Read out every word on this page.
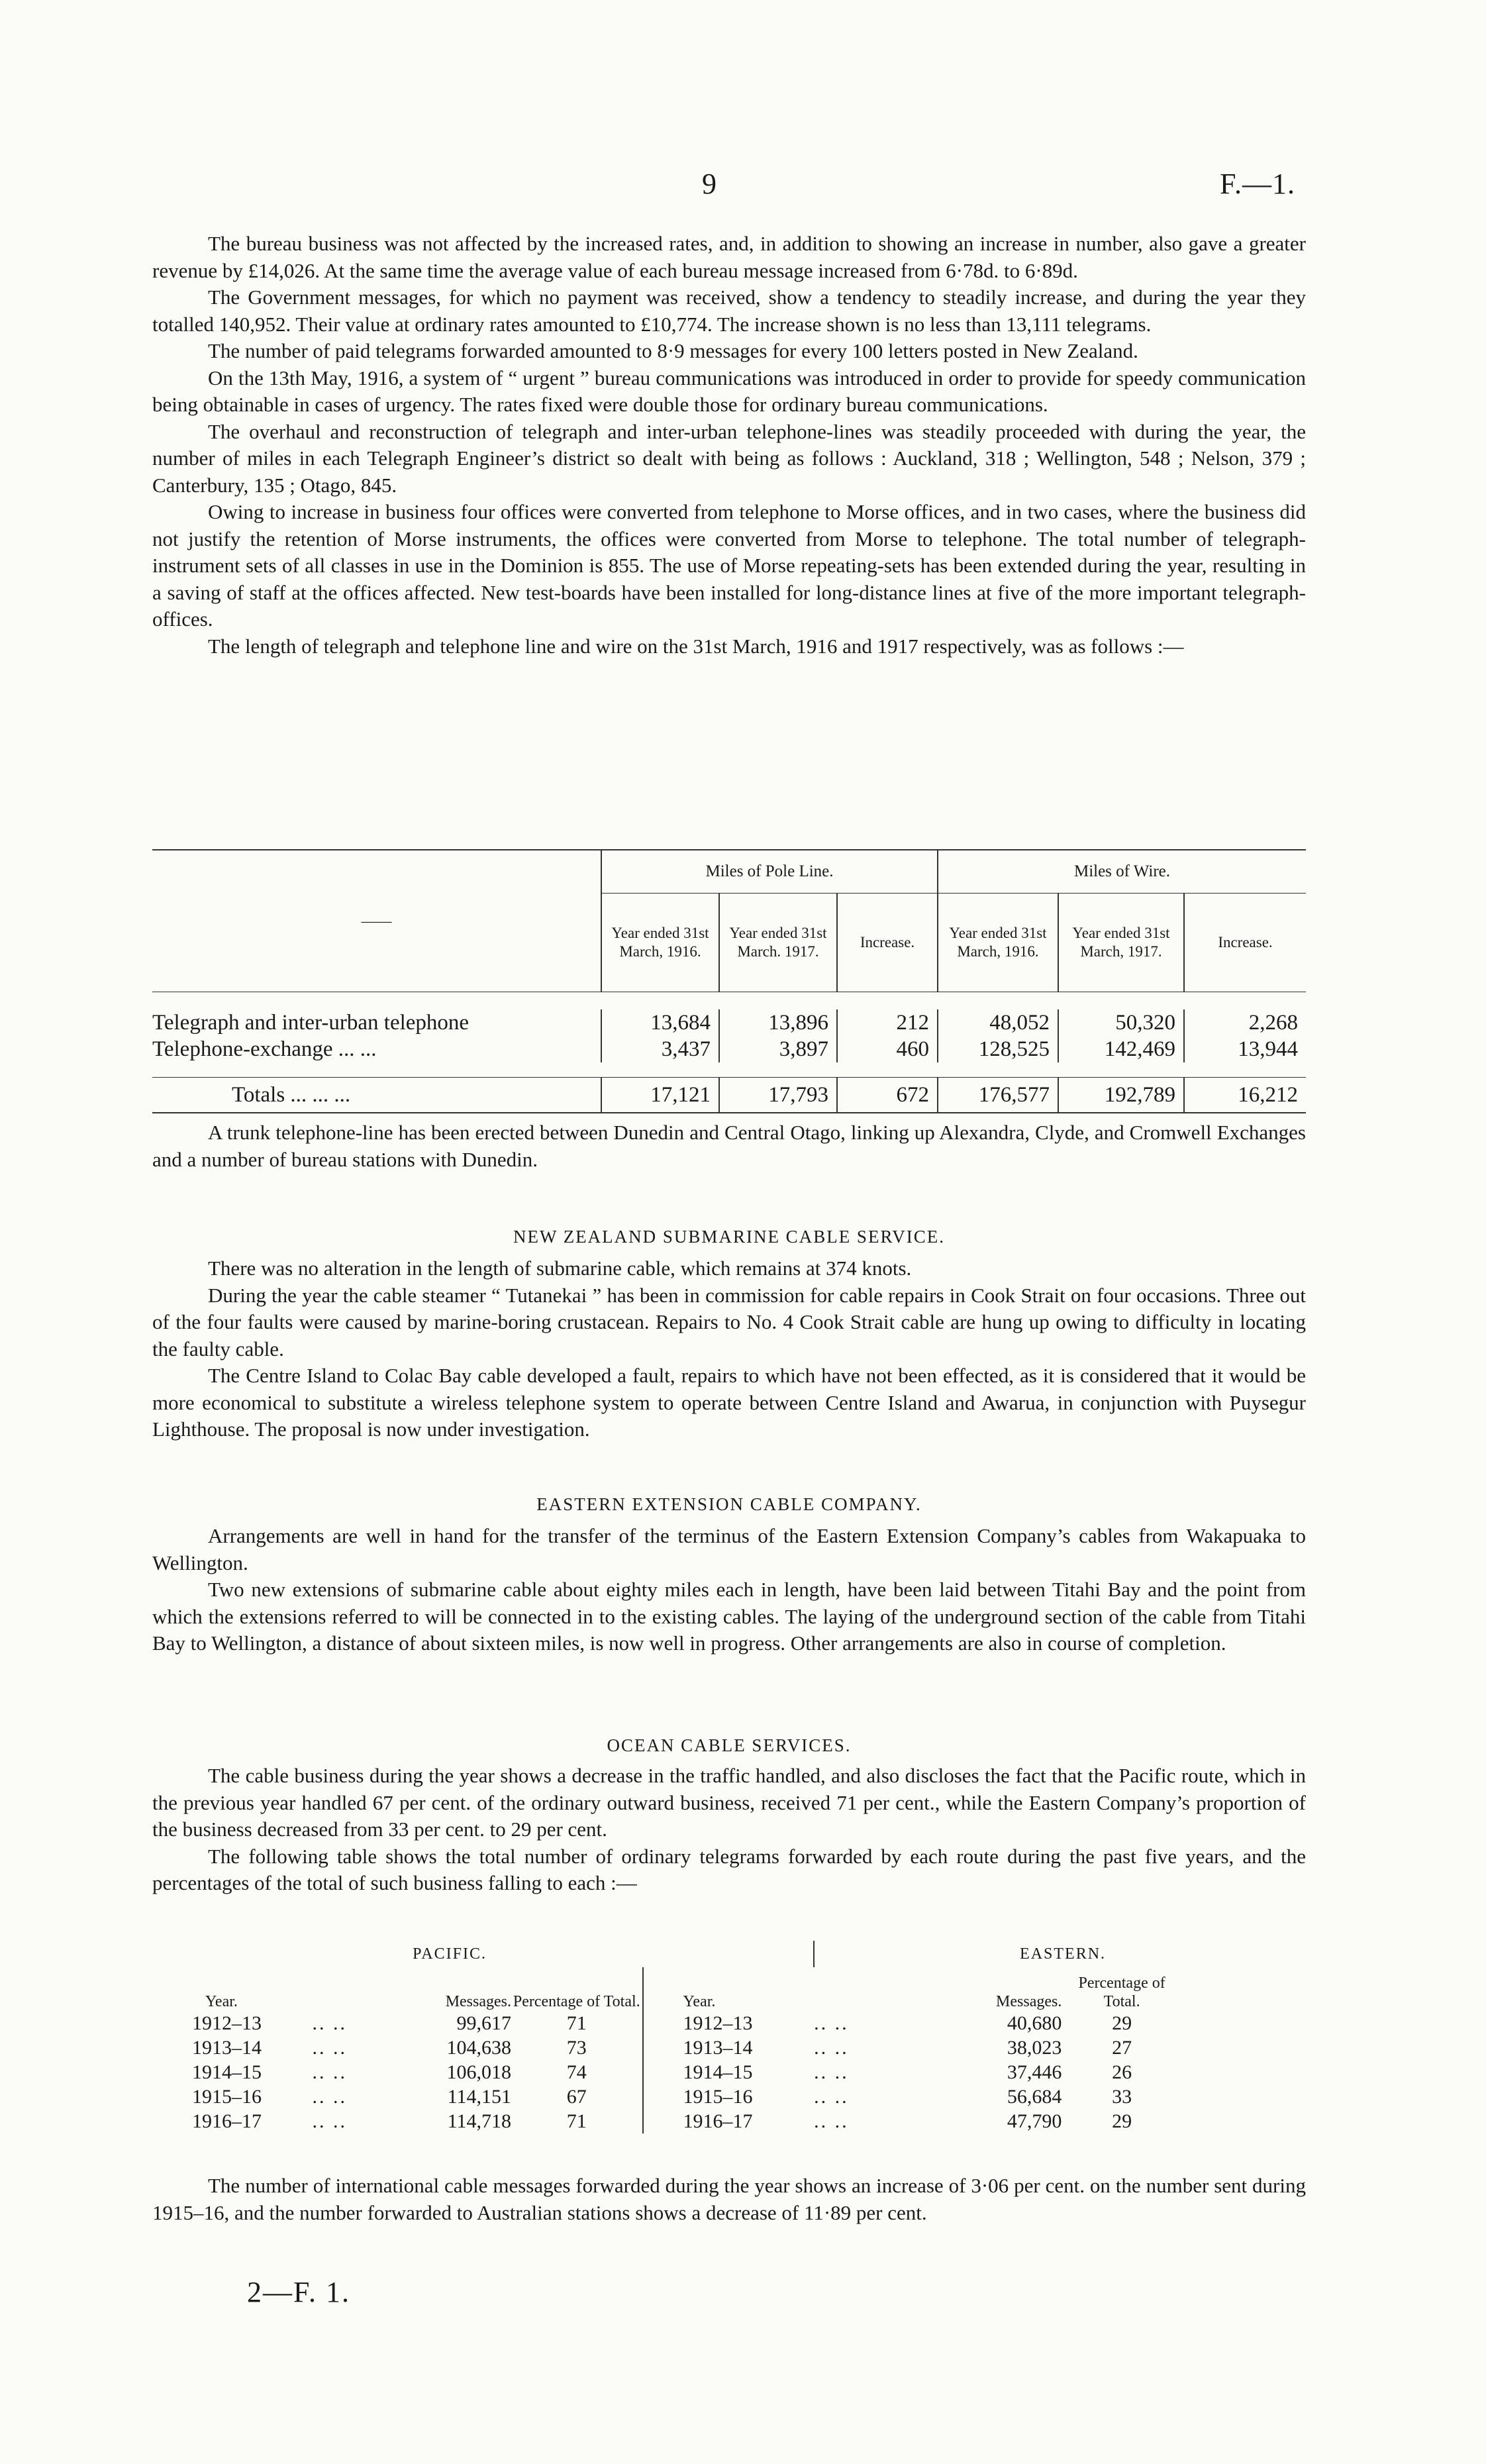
9	F.—1.

The bureau business was not affected by the increased rates, and, in addition to showing an increase in number, also gave a greater revenue by £14,026. At the same time the average value of each bureau message increased from 6·78d. to 6·89d.

The Government messages, for which no payment was received, show a tendency to steadily increase, and during the year they totalled 140,952. Their value at ordinary rates amounted to £10,774. The increase shown is no less than 13,111 telegrams.

The number of paid telegrams forwarded amounted to 8·9 messages for every 100 letters posted in New Zealand.

On the 13th May, 1916, a system of “ urgent ” bureau communications was introduced in order to provide for speedy communication being obtainable in cases of urgency. The rates fixed were double those for ordinary bureau communications.

The overhaul and reconstruction of telegraph and inter-urban telephone-lines was steadily proceeded with during the year, the number of miles in each Telegraph Engineer’s district so dealt with being as follows : Auckland, 318 ; Wellington, 548 ; Nelson, 379 ; Canterbury, 135 ; Otago, 845.

Owing to increase in business four offices were converted from telephone to Morse offices, and in two cases, where the business did not justify the retention of Morse instruments, the offices were converted from Morse to telephone. The total number of telegraph-instrument sets of all classes in use in the Dominion is 855. The use of Morse repeating-sets has been extended during the year, resulting in a saving of staff at the offices affected. New test-boards have been installed for long-distance lines at five of the more important telegraph-offices.

The length of telegraph and telephone line and wire on the 31st March, 1916 and 1917 respectively, was as follows :—

——	Miles of Pole Line.			Miles of Wire.		
	Year ended 31st March, 1916.	Year ended 31st March. 1917.	Increase.	Year ended 31st March, 1916.	Year ended 31st March, 1917.	Increase.

Telegraph and inter-urban telephone	13,684	13,896	212	48,052	50,320	2,268
Telephone-exchange ... ...	3,437	3,897	460	128,525	142,469	13,944

Totals ... ... ...	17,121	17,793	672	176,577	192,789	16,212

A trunk telephone-line has been erected between Dunedin and Central Otago, linking up Alexandra, Clyde, and Cromwell Exchanges and a number of bureau stations with Dunedin.

NEW ZEALAND SUBMARINE CABLE SERVICE.

There was no alteration in the length of submarine cable, which remains at 374 knots.

During the year the cable steamer “ Tutanekai ” has been in commission for cable repairs in Cook Strait on four occasions. Three out of the four faults were caused by marine-boring crustacean. Repairs to No. 4 Cook Strait cable are hung up owing to difficulty in locating the faulty cable.

The Centre Island to Colac Bay cable developed a fault, repairs to which have not been effected, as it is considered that it would be more economical to substitute a wireless telephone system to operate between Centre Island and Awarua, in conjunction with Puysegur Lighthouse. The proposal is now under investigation.

EASTERN EXTENSION CABLE COMPANY.

Arrangements are well in hand for the transfer of the terminus of the Eastern Extension Company’s cables from Wakapuaka to Wellington.

Two new extensions of submarine cable about eighty miles each in length, have been laid between Titahi Bay and the point from which the extensions referred to will be connected in to the existing cables. The laying of the underground section of the cable from Titahi Bay to Wellington, a distance of about sixteen miles, is now well in progress. Other arrangements are also in course of completion.

OCEAN CABLE SERVICES.

The cable business during the year shows a decrease in the traffic handled, and also discloses the fact that the Pacific route, which in the previous year handled 67 per cent. of the ordinary outward business, received 71 per cent., while the Eastern Company’s proportion of the business decreased from 33 per cent. to 29 per cent.

The following table shows the total number of ordinary telegrams forwarded by each route during the past five years, and the percentages of the total of such business falling to each :—

PACIFIC.					EASTERN.			
Year.		Messages.	Percentage of Total.	Year.		Messages.	Percentage of Total.	
1912–13	.. ..	99,617	71	1912–13	.. ..	40,680	29	
1913–14	.. ..	104,638	73	1913–14	.. ..	38,023	27	
1914–15	.. ..	106,018	74	1914–15	.. ..	37,446	26	
1915–16	.. ..	114,151	67	1915–16	.. ..	56,684	33	
1916–17	.. ..	114,718	71	1916–17	.. ..	47,790	29	

The number of international cable messages forwarded during the year shows an increase of 3·06 per cent. on the number sent during 1915–16, and the number forwarded to Australian stations shows a decrease of 11·89 per cent.

2—F. 1.
